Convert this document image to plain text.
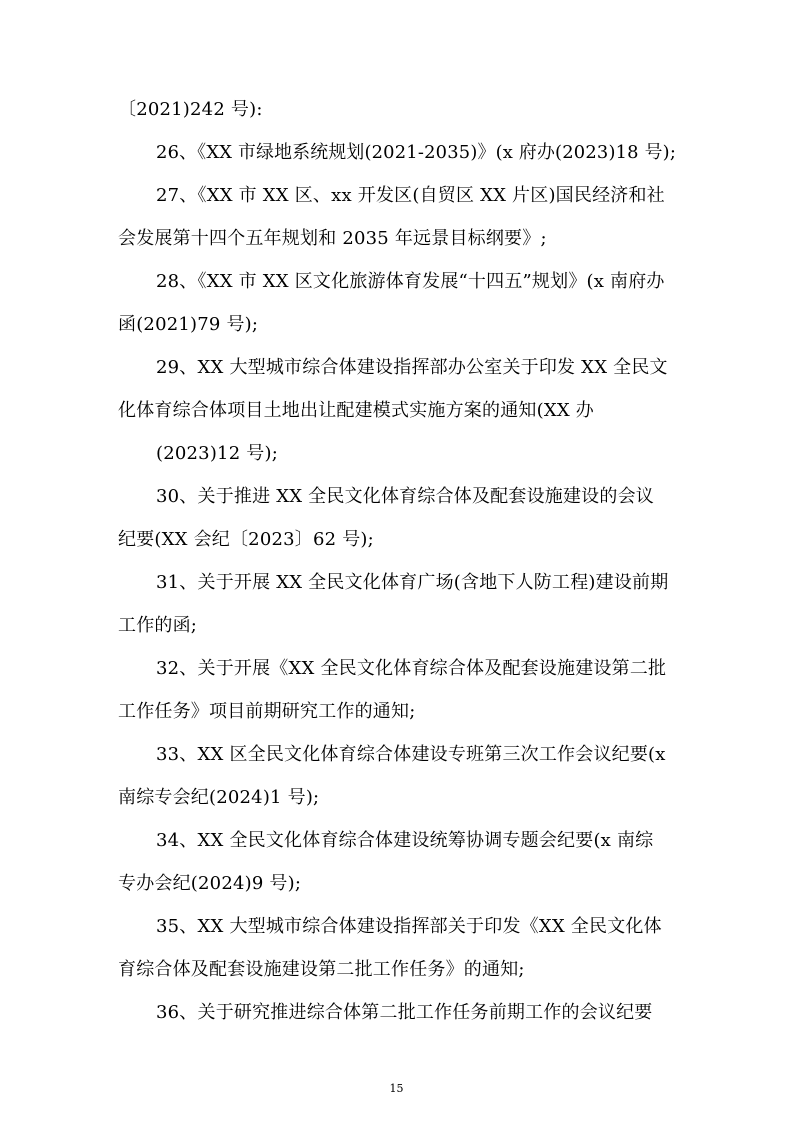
〔2021)242 号):
26、《XX 市绿地系统规划(2021-2035)》(x 府办(2023)18 号);
27、《XX 市 XX 区、xx 开发区(自贸区 XX 片区)国民经济和社
会发展第十四个五年规划和 2035 年远景目标纲要》;
28、《XX 市 XX 区文化旅游体育发展“十四五”规划》(x 南府办
函(2021)79 号);
29、XX 大型城市综合体建设指挥部办公室关于印发 XX 全民文
化体育综合体项目土地出让配建模式实施方案的通知(XX 办
(2023)12 号);
30、关于推进 XX 全民文化体育综合体及配套设施建设的会议
纪要(XX 会纪〔2023〕62 号);
31、关于开展 XX 全民文化体育广场(含地下人防工程)建设前期
工作的函;
32、关于开展《XX 全民文化体育综合体及配套设施建设第二批
工作任务》项目前期研究工作的通知;
33、XX 区全民文化体育综合体建设专班第三次工作会议纪要(x
南综专会纪(2024)1 号);
34、XX 全民文化体育综合体建设统筹协调专题会纪要(x 南综
专办会纪(2024)9 号);
35、XX 大型城市综合体建设指挥部关于印发《XX 全民文化体
育综合体及配套设施建设第二批工作任务》的通知;
36、关于研究推进综合体第二批工作任务前期工作的会议纪要
15
